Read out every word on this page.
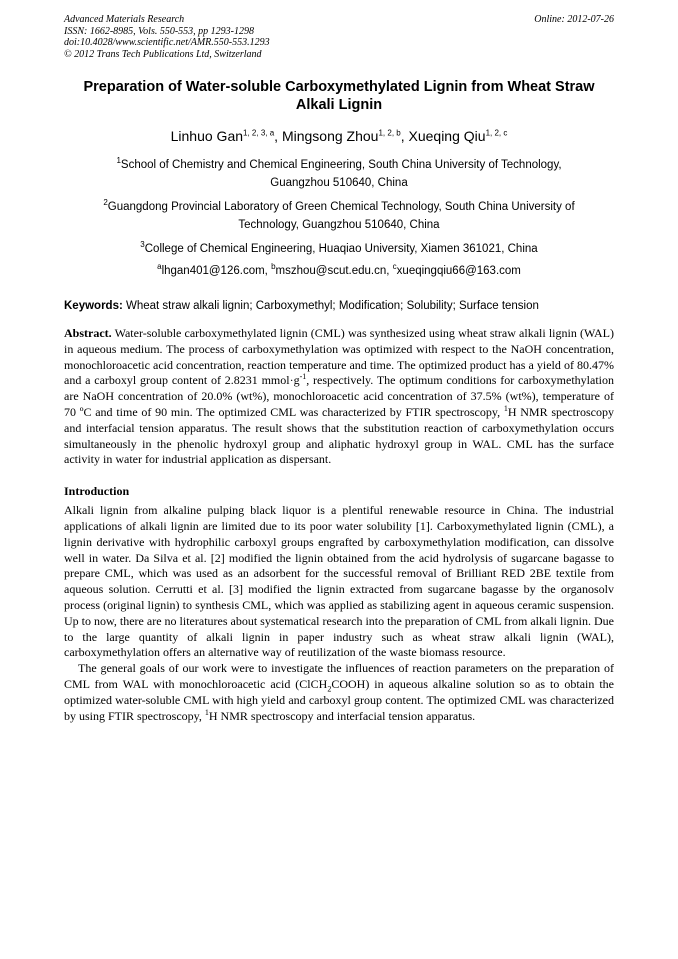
Advanced Materials Research
ISSN: 1662-8985, Vols. 550-553, pp 1293-1298
doi:10.4028/www.scientific.net/AMR.550-553.1293
© 2012 Trans Tech Publications Ltd, Switzerland
Online: 2012-07-26
Preparation of Water-soluble Carboxymethylated Lignin from Wheat Straw Alkali Lignin
Linhuo Gan$^{1, 2, 3, a}$, Mingsong Zhou$^{1, 2, b}$, Xueqing Qiu$^{1, 2, c}$
$^1$School of Chemistry and Chemical Engineering, South China University of Technology,
Guangzhou 510640, China
$^2$Guangdong Provincial Laboratory of Green Chemical Technology, South China University of
Technology, Guangzhou 510640, China
$^3$College of Chemical Engineering, Huaqiao University, Xiamen 361021, China
$^a$lhgan401@126.com, $^b$mszhou@scut.edu.cn, $^c$xueqingqiu66@163.com
Keywords: Wheat straw alkali lignin; Carboxymethyl; Modification; Solubility; Surface tension
Abstract. Water-soluble carboxymethylated lignin (CML) was synthesized using wheat straw alkali lignin (WAL) in aqueous medium. The process of carboxymethylation was optimized with respect to the NaOH concentration, monochloroacetic acid concentration, reaction temperature and time. The optimized product has a yield of 80.47% and a carboxyl group content of 2.8231 $mmol\cdot g^{-1}$, respectively. The optimum conditions for carboxymethylation are NaOH concentration of 20.0% (wt%), monochloroacetic acid concentration of 37.5% (wt%), temperature of 70 ºC and time of 90 min. The optimized CML was characterized by FTIR spectroscopy, $^1$H NMR spectroscopy and interfacial tension apparatus. The result shows that the substitution reaction of carboxymethylation occurs simultaneously in the phenolic hydroxyl group and aliphatic hydroxyl group in WAL. CML has the surface activity in water for industrial application as dispersant.
Introduction
Alkali lignin from alkaline pulping black liquor is a plentiful renewable resource in China. The industrial applications of alkali lignin are limited due to its poor water solubility [1]. Carboxymethylated lignin (CML), a lignin derivative with hydrophilic carboxyl groups engrafted by carboxymethylation modification, can dissolve well in water. Da Silva et al. [2] modified the lignin obtained from the acid hydrolysis of sugarcane bagasse to prepare CML, which was used as an adsorbent for the successful removal of Brilliant RED 2BE textile from aqueous solution. Cerrutti et al. [3] modified the lignin extracted from sugarcane bagasse by the organosolv process (original lignin) to synthesis CML, which was applied as stabilizing agent in aqueous ceramic suspension. Up to now, there are no literatures about systematical research into the preparation of CML from alkali lignin. Due to the large quantity of alkali lignin in paper industry such as wheat straw alkali lignin (WAL), carboxymethylation offers an alternative way of reutilization of the waste biomass resource.
The general goals of our work were to investigate the influences of reaction parameters on the preparation of CML from WAL with monochloroacetic acid (ClCH$_2$COOH) in aqueous alkaline solution so as to obtain the optimized water-soluble CML with high yield and carboxyl group content. The optimized CML was characterized by using FTIR spectroscopy, $^1$H NMR spectroscopy and interfacial tension apparatus.
